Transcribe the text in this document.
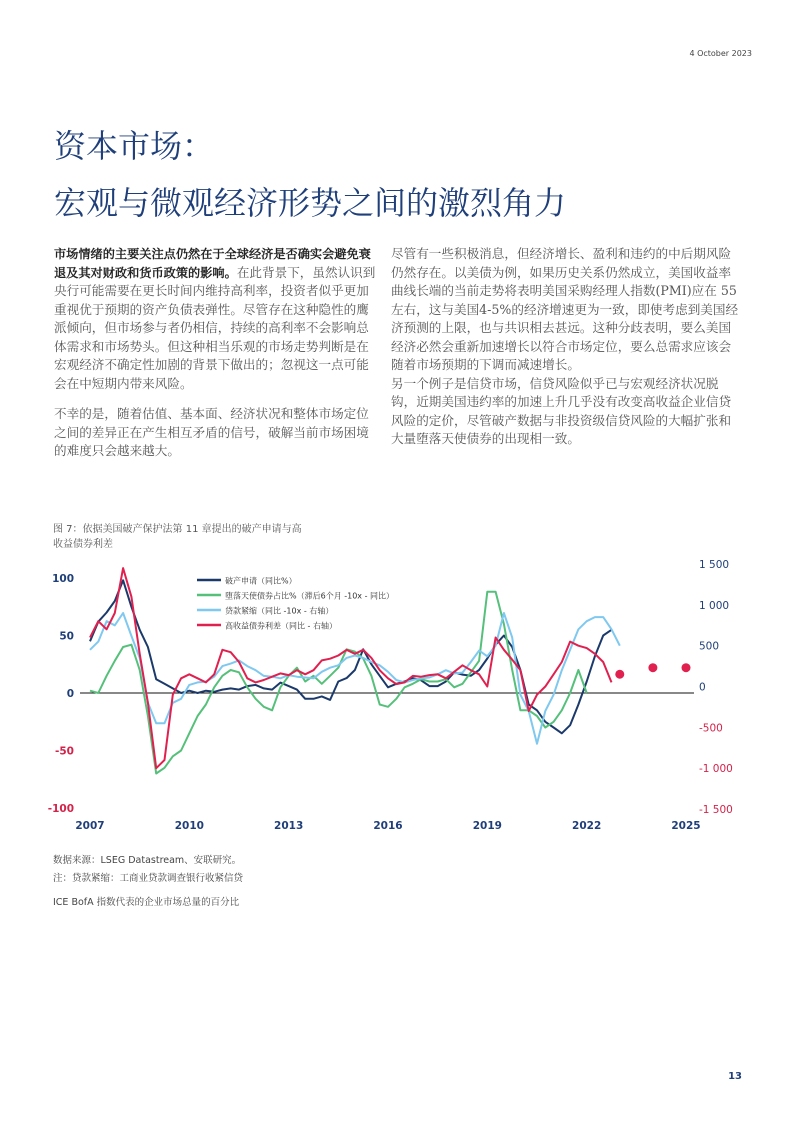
4 October 2023
资本市场：
宏观与微观经济形势之间的激烈角力

市场情绪的主要关注点仍然在于全球经济是否确实会避免衰退及其对财政和货币政策的影响。在此背景下，虽然认识到央行可能需要在更长时间内维持高利率，投资者似乎更加重视优于预期的资产负债表弹性。尽管存在这种隐性的鹰派倾向，但市场参与者仍相信，持续的高利率不会影响总体需求和市场势头。但这种相当乐观的市场走势判断是在宏观经济不确定性加剧的背景下做出的；忽视这一点可能会在中短期内带来风险。

不幸的是，随着估值、基本面、经济状况和整体市场定位之间的差异正在产生相互矛盾的信号，破解当前市场困境的难度只会越来越大。

尽管有一些积极消息，但经济增长、盈利和违约的中后期风险仍然存在。以美债为例，如果历史关系仍然成立，美国收益率曲线长端的当前走势将表明美国采购经理人指数(PMI)应在 55 左右，这与美国4-5%的经济增速更为一致，即使考虑到美国经济预测的上限，也与共识相去甚远。这种分歧表明，要么美国经济必然会重新加速增长以符合市场定位，要么总需求应该会随着市场预期的下调而减速增长。

另一个例子是信贷市场，信贷风险似乎已与宏观经济状况脱钩，近期美国违约率的加速上升几乎没有改变高收益企业信贷风险的定价，尽管破产数据与非投资级信贷风险的大幅扩张和大量堕落天使债券的出现相一致。

图 7：依据美国破产保护法第 11 章提出的破产申请与高收益债券利差
100
50
0
-50
-100
1 500
1 000
500
0
-500
-1 000
-1 500
2007	2010	2013	2016	2019	2022	2025
破产申请（同比%）
堕落天使债券占比%（滞后6个月 -10x - 同比）
贷款紧缩（同比 -10x - 右轴）
高收益债券利差（同比 - 右轴）
数据来源：LSEG Datastream、安联研究。
注：贷款紧缩：工商业贷款调查银行收紧信贷
ICE BofA 指数代表的企业市场总量的百分比
13
